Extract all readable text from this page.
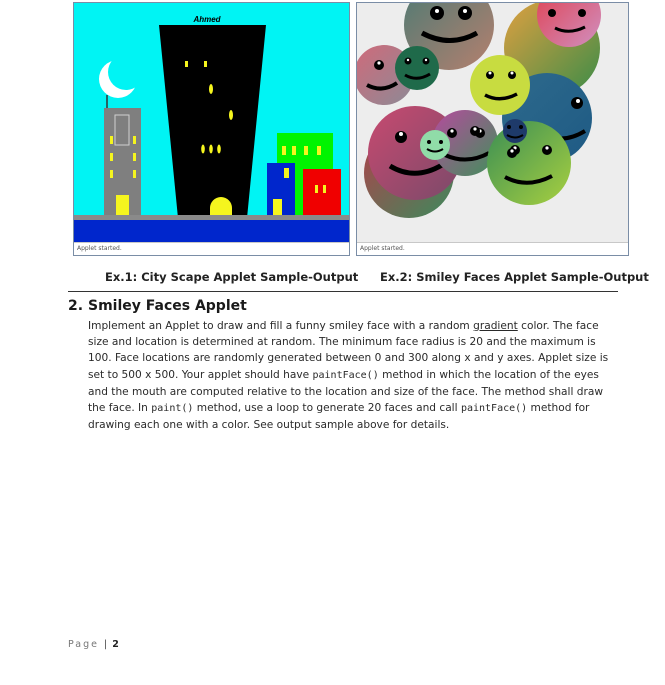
Ahmed
Applet started.	Applet started.
Ex.1: City Scape Applet Sample-Output Ex.2: Smiley Faces Applet Sample-Output
2. Smiley Faces Applet
Implement an Applet to draw and fill a funny smiley face with a random gradient color. The face size and location is determined at random. The minimum face radius is 20 and the maximum is 100. Face locations are randomly generated between 0 and 300 along x and y axes. Applet size is set to 500 x 500. Your applet should have paintFace() method in which the location of the eyes and the mouth are computed relative to the location and size of the face. The method shall draw the face. In paint() method, use a loop to generate 20 faces and call paintFace() method for drawing each one with a color. See output sample above for details.
Page | 2
